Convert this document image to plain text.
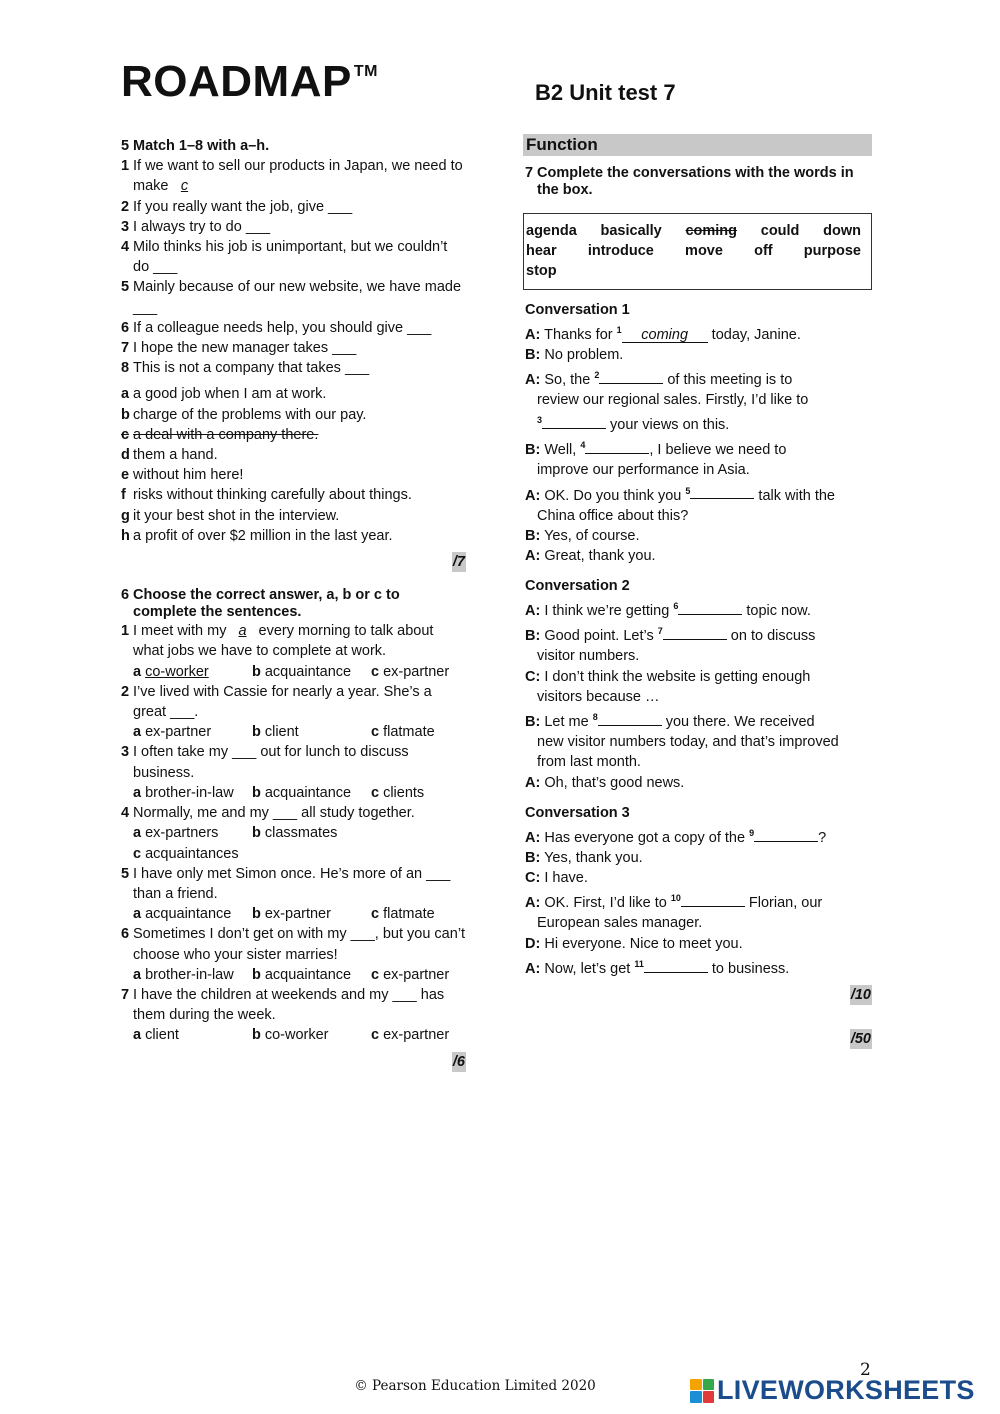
ROADMAP ™
B2 Unit test 7
5 Match 1–8 with a–h.
1 If we want to sell our products in Japan, we need to make c
2 If you really want the job, give ___
3 I always try to do ___
4 Milo thinks his job is unimportant, but we couldn’t do ___
5 Mainly because of our new website, we have made ___
6 If a colleague needs help, you should give ___
7 I hope the new manager takes ___
8 This is not a company that takes ___
a a good job when I am at work.
b charge of the problems with our pay.
c a deal with a company there.
d them a hand.
e without him here!
f risks without thinking carefully about things.
g it your best shot in the interview.
h a profit of over $2 million in the last year.
/7
6 Choose the correct answer, a, b or c to complete the sentences.
1 I meet with my a every morning to talk about what jobs we have to complete at work.
a co-worker	b acquaintance	c ex-partner
2 I’ve lived with Cassie for nearly a year. She’s a great ___.
a ex-partner	b client	c flatmate
3 I often take my ___ out for lunch to discuss business.
a brother-in-law	b acquaintance	c clients
4 Normally, me and my ___ all study together.
a ex-partners	b classmates
c acquaintances
5 I have only met Simon once. He’s more of an ___ than a friend.
a acquaintance	b ex-partner	c flatmate
6 Sometimes I don’t get on with my ___, but you can’t choose who your sister marries!
a brother-in-law	b acquaintance	c ex-partner
7 I have the children at weekends and my ___ has them during the week.
a client	b co-worker	c ex-partner
/6
Function
7 Complete the conversations with the words in the box.
agenda basically coming could down
hear introduce move off purpose
stop
Conversation 1
A: Thanks for $^1$ coming today, Janine.
B: No problem.
A: So, the $^2$	of this meeting is to
review our regional sales. Firstly, I’d like to
$^3$	your views on this.
B: Well, $^4$	, I believe we need to
improve our performance in Asia.
A: OK. Do you think you $^5$	talk with the
China office about this?
B: Yes, of course.
A: Great, thank you.
Conversation 2
A: I think we’re getting $^6$	topic now.
B: Good point. Let’s $^7$	on to discuss
visitor numbers.
C: I don’t think the website is getting enough
visitors because …
B: Let me $^8$	you there. We received
new visitor numbers today, and that’s improved
from last month.
A: Oh, that’s good news.
Conversation 3
A: Has everyone got a copy of the $^9$	?
B: Yes, thank you.
C: I have.
A: OK. First, I’d like to $^{10}$	Florian, our
European sales manager.
D: Hi everyone. Nice to meet you.
A: Now, let’s get $^{11}$	to business.
/10
/50
2
© Pearson Education Limited 2020	LIVEWORKSHEETS
